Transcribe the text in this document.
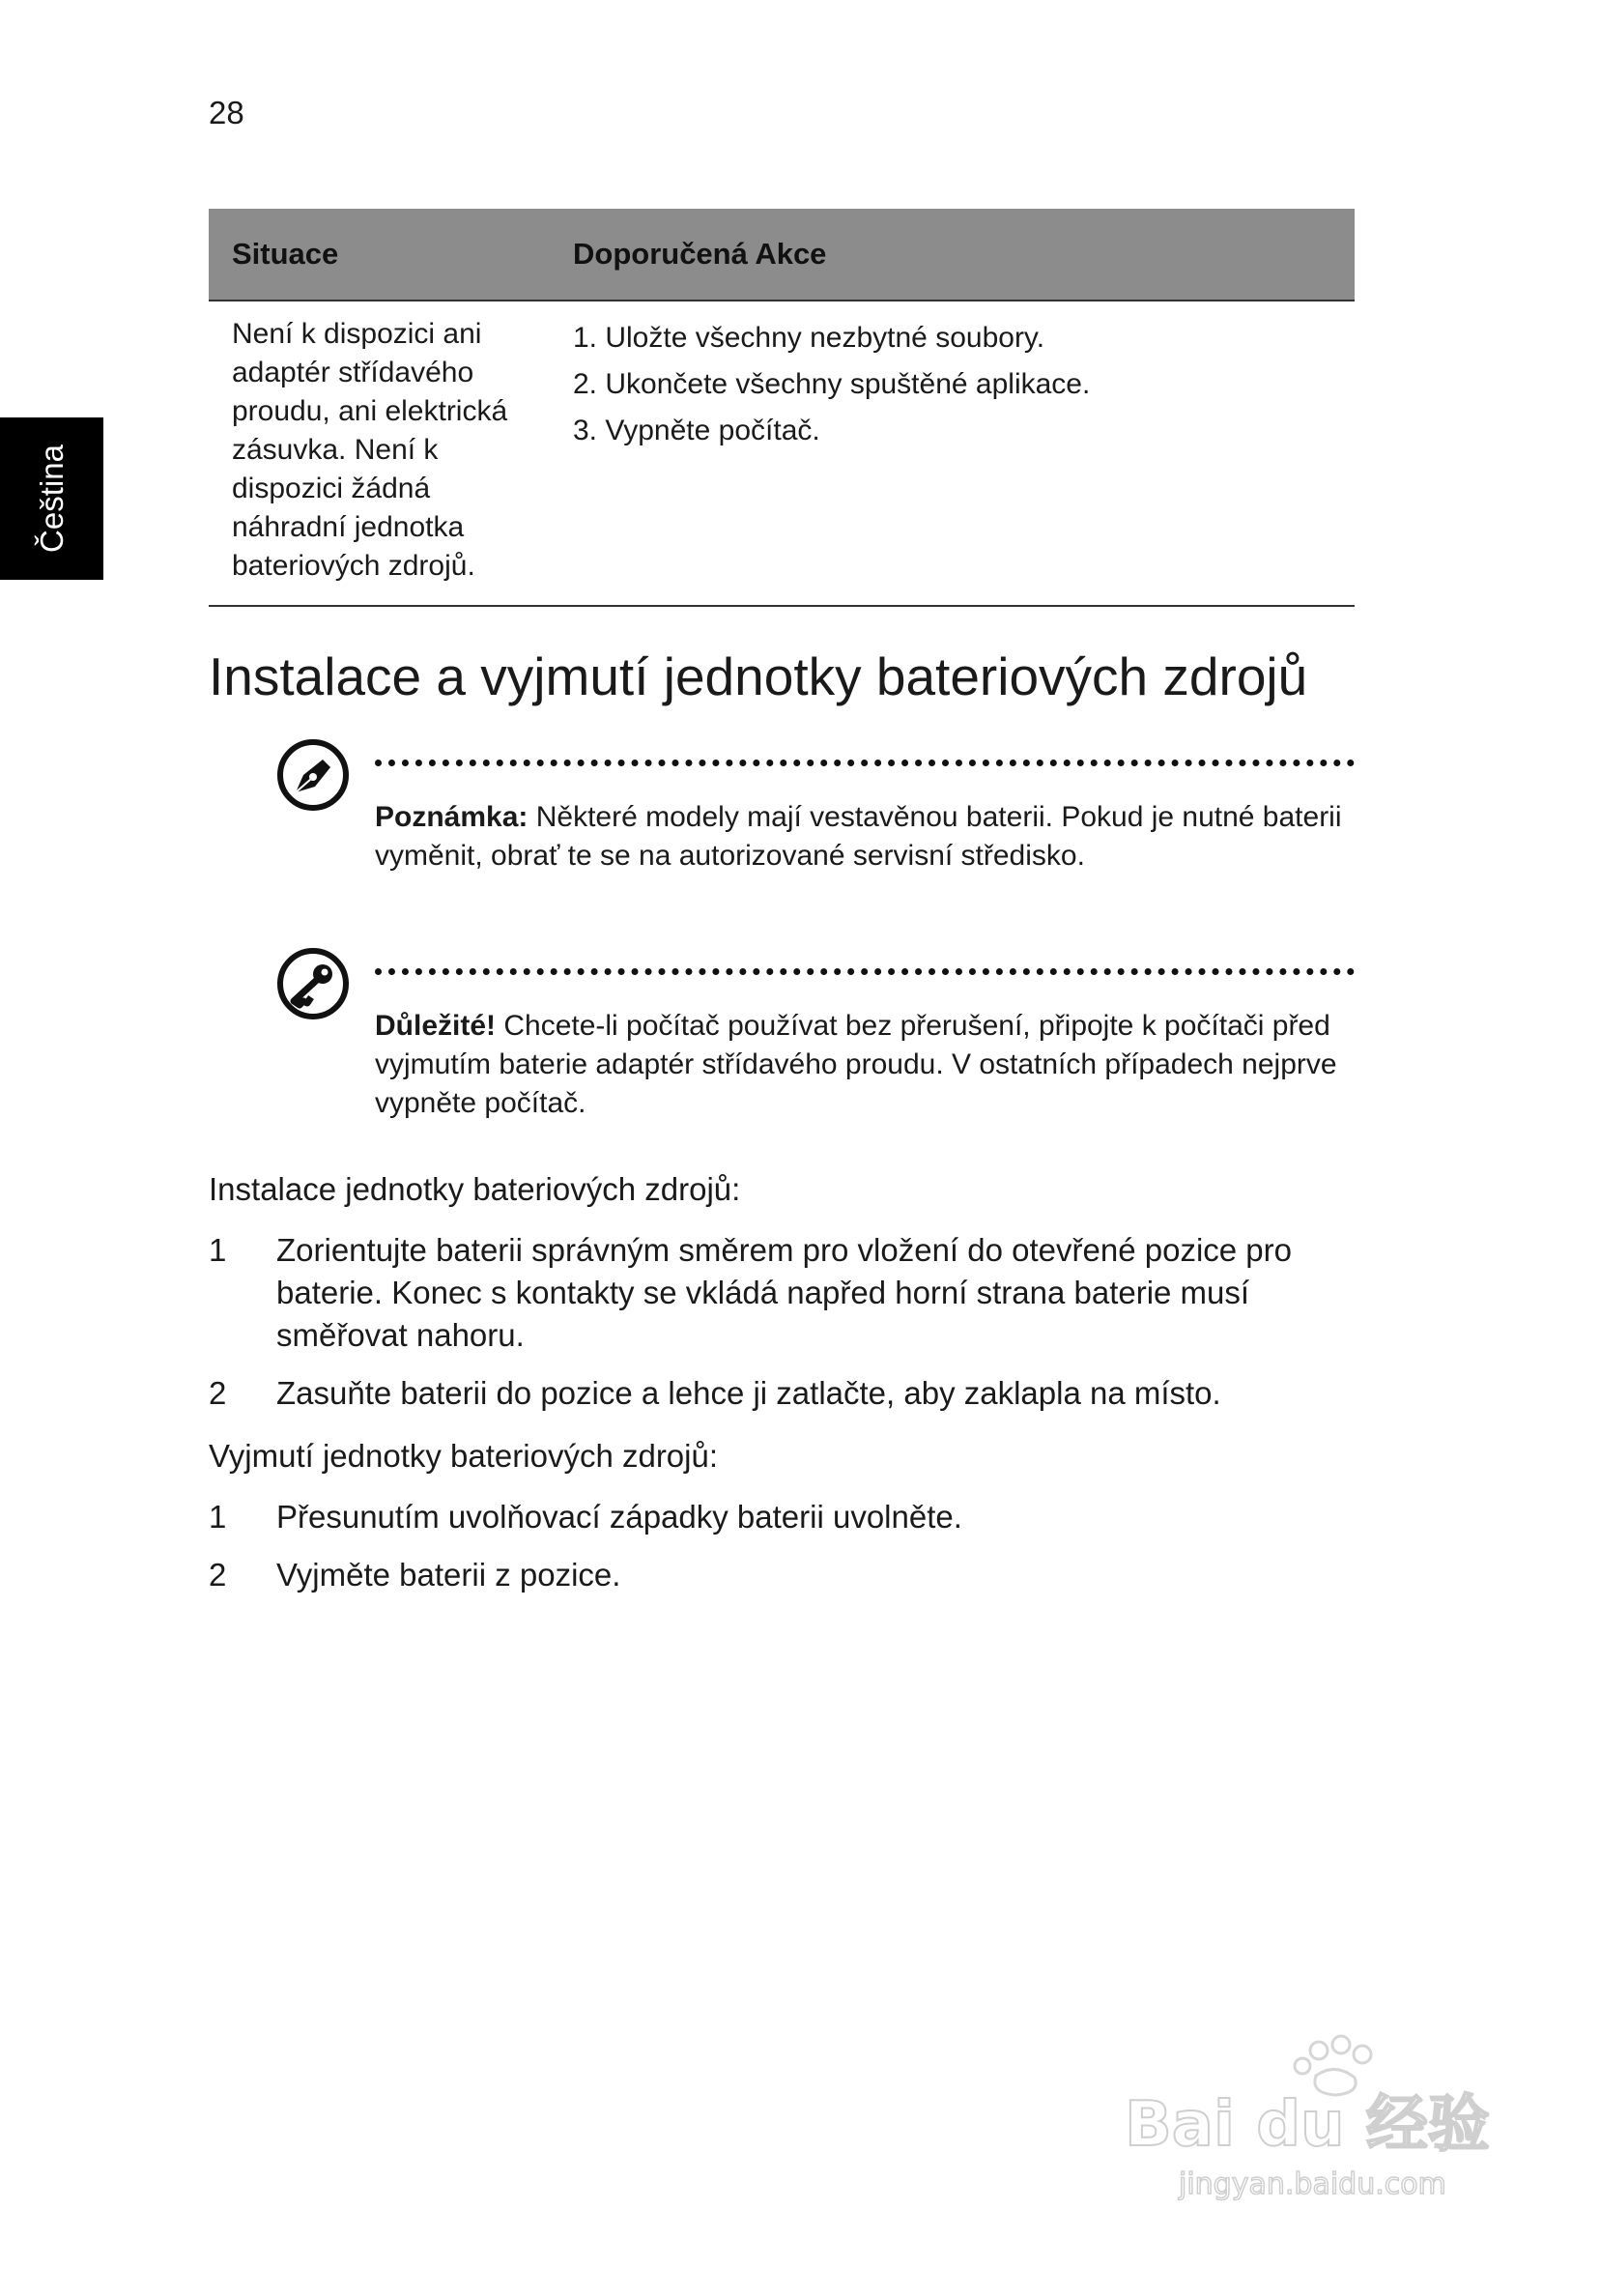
28
Čeština
Situace	Doporučená Akce
Není k dispozici ani
adaptér střídavého
proudu, ani elektrická
zásuvka. Není k
dispozici žádná
náhradní jednotka
bateriových zdrojů.
1. Uložte všechny nezbytné soubory.
2. Ukončete všechny spuštěné aplikace.
3. Vypněte počítač.
Instalace a vyjmutí jednotky bateriových zdrojů
Poznámka: Některé modely mají vestavěnou baterii. Pokud je nutné baterii vyměnit, obrať te se na autorizované servisní středisko.
Důležité! Chcete-li počítač používat bez přerušení, připojte k počítači před vyjmutím baterie adaptér střídavého proudu. V ostatních případech nejprve vypněte počítač.
Instalace jednotky bateriových zdrojů:
1 Zorientujte baterii správným směrem pro vložení do otevřené pozice pro baterie. Konec s kontakty se vkládá napřed horní strana baterie musí směřovat nahoru.
2 Zasuňte baterii do pozice a lehce ji zatlačte, aby zaklapla na místo.
Vyjmutí jednotky bateriových zdrojů:
1 Přesunutím uvolňovací západky baterii uvolněte.
2 Vyjměte baterii z pozice.
Bai du 经验
jingyan.baidu.com
